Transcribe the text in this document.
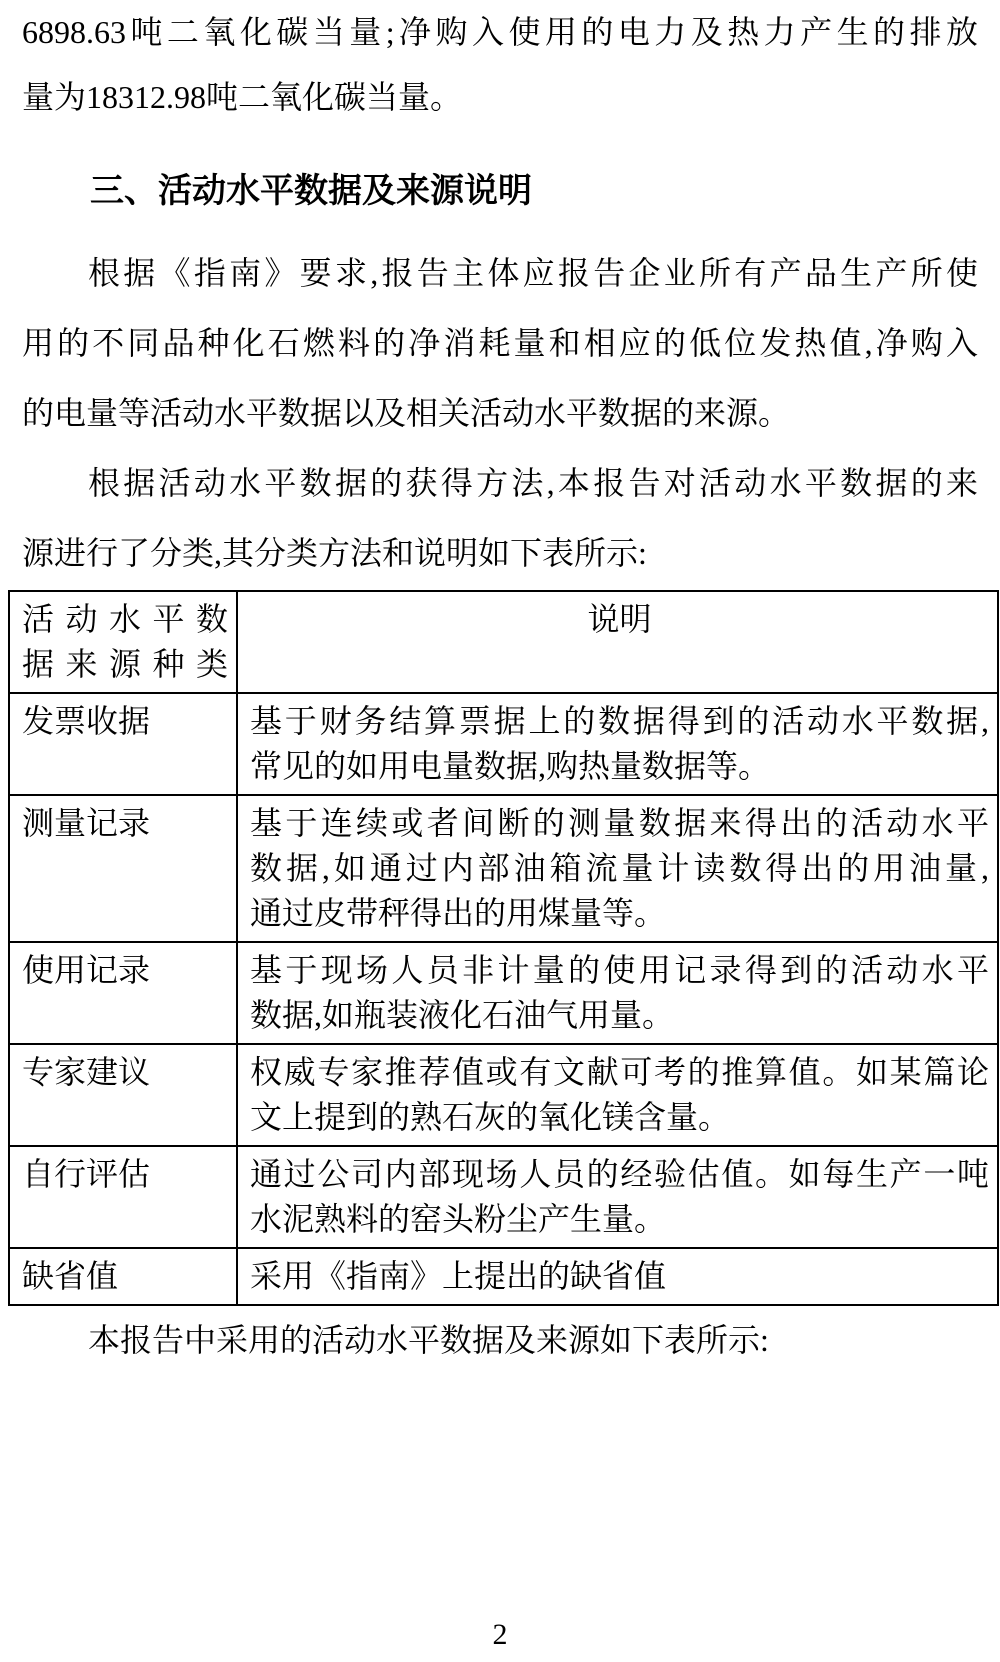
6898.63吨二氧化碳当量;净购入使用的电力及热力产生的排放
量为18312.98吨二氧化碳当量。
三、活动水平数据及来源说明
根据《指南》要求,报告主体应报告企业所有产品生产所使
用的不同品种化石燃料的净消耗量和相应的低位发热值,净购入
的电量等活动水平数据以及相关活动水平数据的来源。
根据活动水平数据的获得方法,本报告对活动水平数据的来
源进行了分类,其分类方法和说明如下表所示:
活动水平数
据来源种类	说明
发票收据	基于财务结算票据上的数据得到的活动水平数据,
常见的如用电量数据,购热量数据等。

测量记录	基于连续或者间断的测量数据来得出的活动水平
数据,如通过内部油箱流量计读数得出的用油量,
通过皮带秤得出的用煤量等。

使用记录	基于现场人员非计量的使用记录得到的活动水平
数据,如瓶装液化石油气用量。

专家建议	权威专家推荐值或有文献可考的推算值。如某篇论
文上提到的熟石灰的氧化镁含量。

自行评估	通过公司内部现场人员的经验估值。如每生产一吨
水泥熟料的窑头粉尘产生量。

缺省值	采用《指南》上提出的缺省值
本报告中采用的活动水平数据及来源如下表所示:
2
